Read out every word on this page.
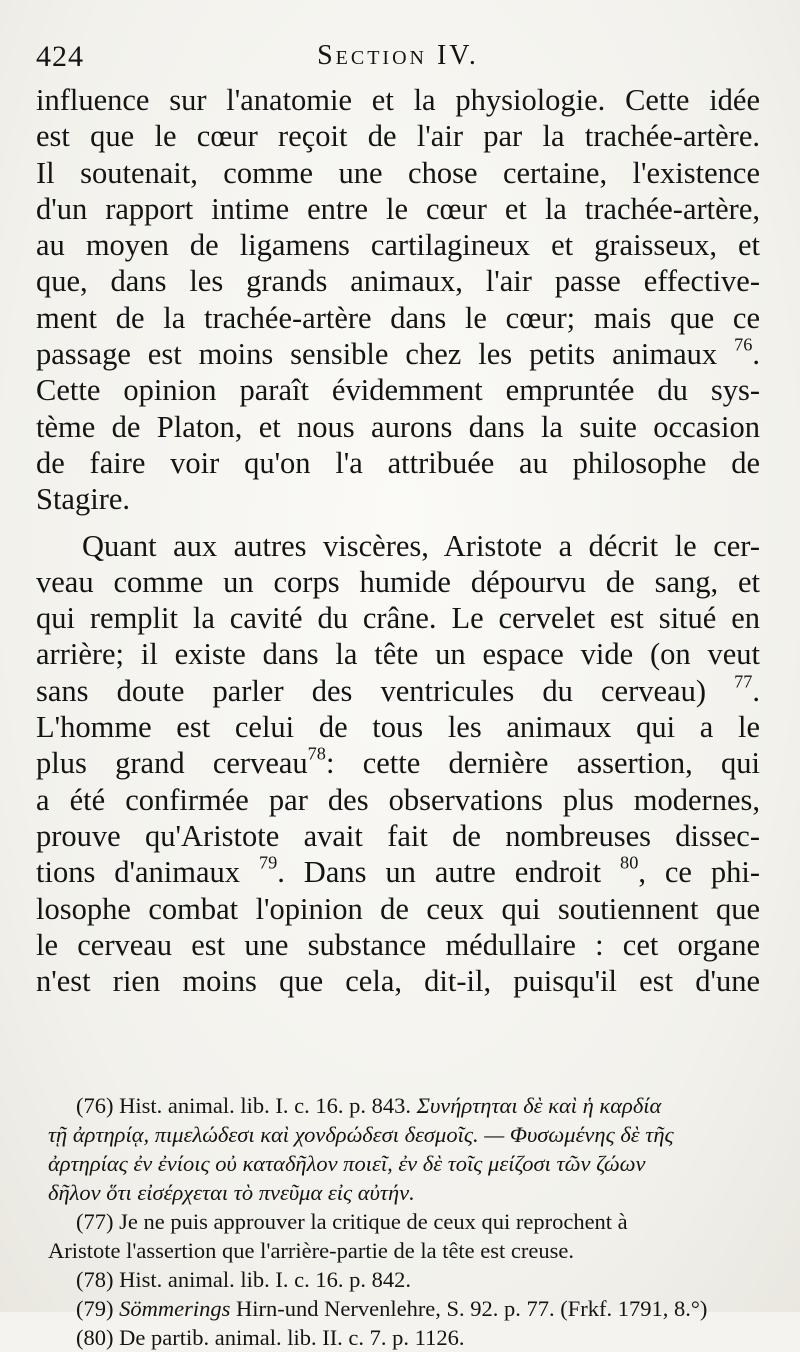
424	Section IV.
influence sur l'anatomie et la physiologie. Cette idée
est que le cœur reçoit de l'air par la trachée-artère.
Il soutenait, comme une chose certaine, l'existence
d'un rapport intime entre le cœur et la trachée-artère,
au moyen de ligamens cartilagineux et graisseux, et
que, dans les grands animaux, l'air passe effective-
ment de la trachée-artère dans le cœur; mais que ce
passage est moins sensible chez les petits animaux $^{76}$.
Cette opinion paraît évidemment empruntée du sys-
tème de Platon, et nous aurons dans la suite occasion
de faire voir qu'on l'a attribuée au philosophe de
Stagire.
Quant aux autres viscères, Aristote a décrit le cer-
veau comme un corps humide dépourvu de sang, et
qui remplit la cavité du crâne. Le cervelet est situé en
arrière; il existe dans la tête un espace vide (on veut
sans doute parler des ventricules du cerveau) $^{77}$.
L'homme est celui de tous les animaux qui a le
plus grand cerveau$^{78}$: cette dernière assertion, qui
a été confirmée par des observations plus modernes,
prouve qu'Aristote avait fait de nombreuses dissec-
tions d'animaux $^{79}$. Dans un autre endroit $^{80}$, ce phi-
losophe combat l'opinion de ceux qui soutiennent que
le cerveau est une substance médullaire : cet organe
n'est rien moins que cela, dit-il, puisqu'il est d'une
(76) Hist. animal. lib. I. c. 16. p. 843. Συνήρτηται δὲ καὶ ἡ καρδία
τῇ ἀρτηρίᾳ, πιμελώδεσι καὶ χονδρώδεσι δεσμοῖς. — Φυσωμένης δὲ τῆς
ἀρτηρίας ἐν ἐνίοις οὐ καταδῆλον ποιεῖ, ἐν δὲ τοῖς μείζοσι τῶν ζώων
δῆλον ὅτι εἰσέρχεται τὸ πνεῦμα εἰς αὐτήν.
(77) Je ne puis approuver la critique de ceux qui reprochent à
Aristote l'assertion que l'arrière-partie de la tête est creuse.
(78) Hist. animal. lib. I. c. 16. p. 842.
(79) Sömmerings Hirn-und Nervenlehre, S. 92. p. 77. (Frkf. 1791, 8.°)
(80) De partib. animal. lib. II. c. 7. p. 1126.
